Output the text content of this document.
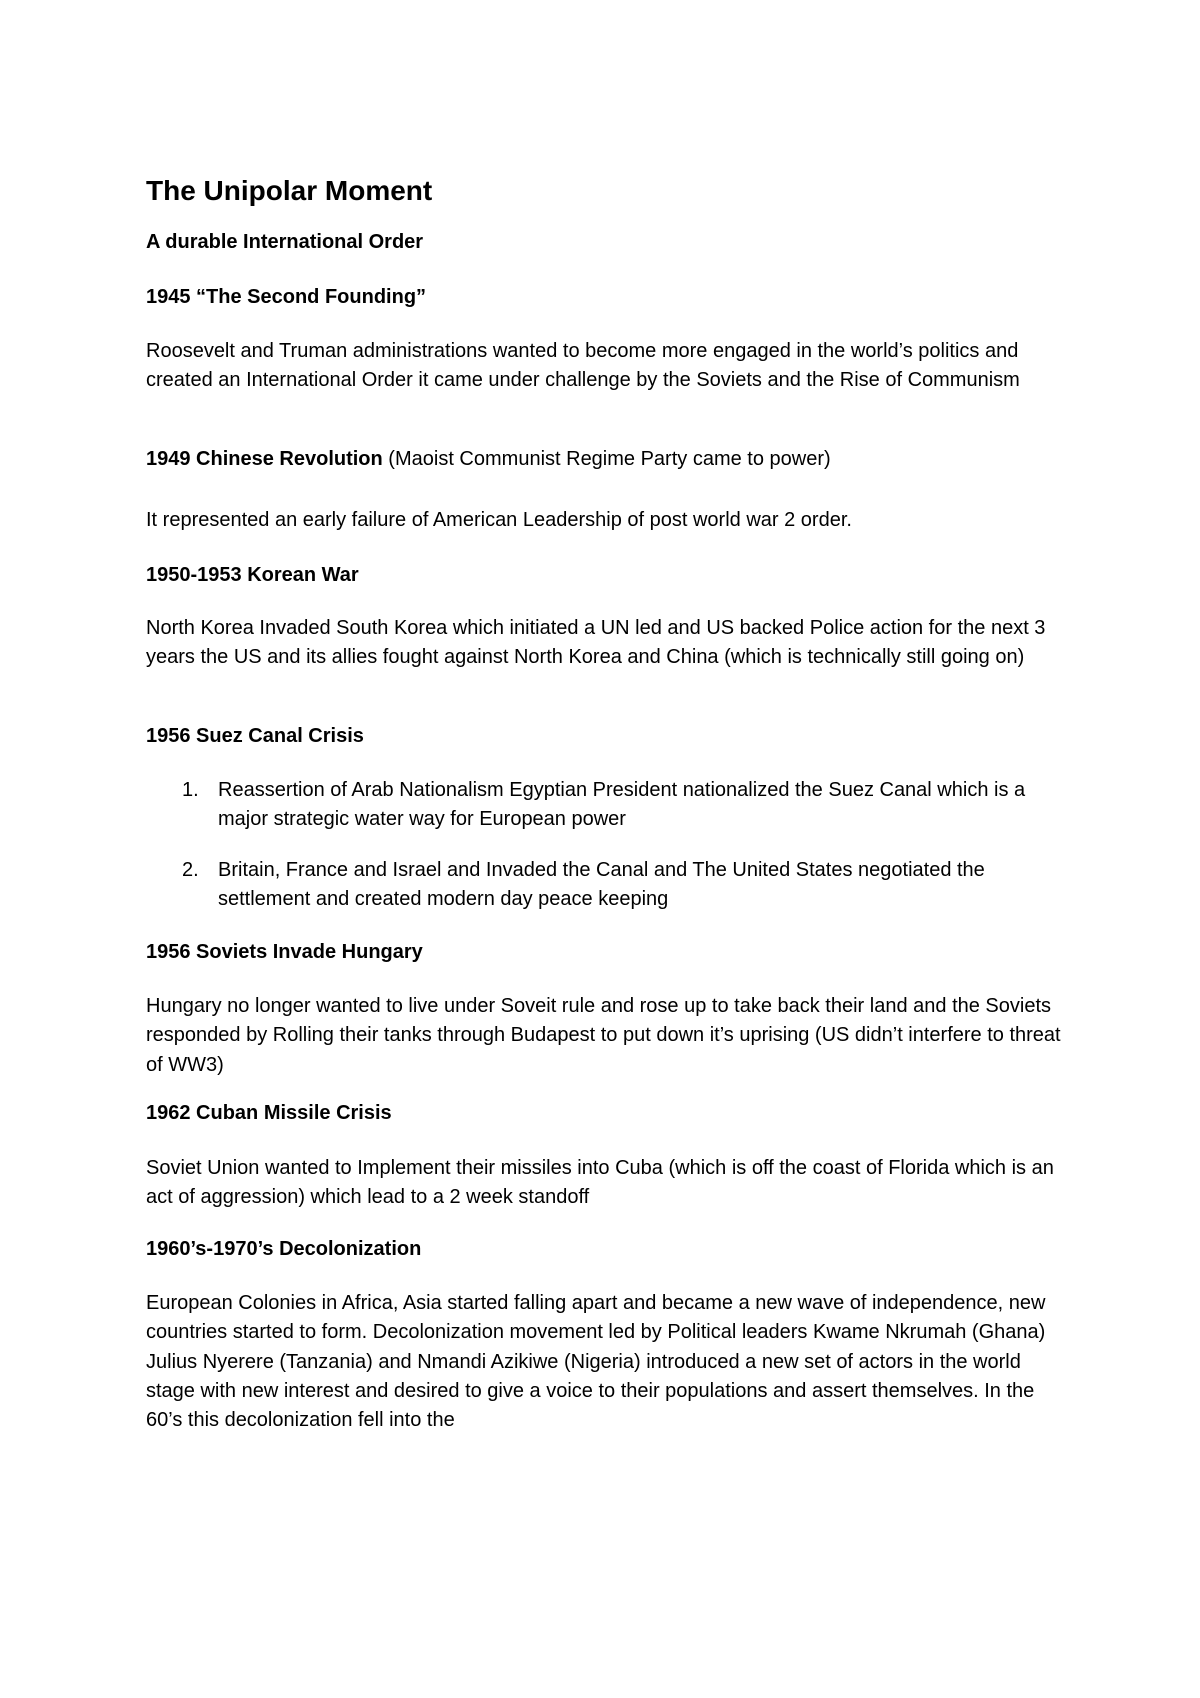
The Unipolar Moment
A durable International Order
1945 “The Second Founding”
Roosevelt and Truman administrations wanted to become more engaged in the world’s politics and created an International Order it came under challenge by the Soviets and the Rise of Communism
1949 Chinese Revolution (Maoist Communist Regime Party came to power)
It represented an early failure of American Leadership of post world war 2 order.
1950-1953 Korean War
North Korea Invaded South Korea which initiated a UN led and US backed Police action for the next 3 years the US and its allies fought against North Korea and China (which is technically still going on)
1956 Suez Canal Crisis
1. Reassertion of Arab Nationalism Egyptian President nationalized the Suez Canal which is a major strategic water way for European power
2. Britain, France and Israel and Invaded the Canal and The United States negotiated the settlement and created modern day peace keeping
1956 Soviets Invade Hungary
Hungary no longer wanted to live under Soveit rule and rose up to take back their land and the Soviets responded by Rolling their tanks through Budapest to put down it’s uprising (US didn’t interfere to threat of WW3)
1962 Cuban Missile Crisis
Soviet Union wanted to Implement their missiles into Cuba (which is off the coast of Florida which is an act of aggression) which lead to a 2 week standoff
1960’s-1970’s Decolonization
European Colonies in Africa, Asia started falling apart and became a new wave of independence, new countries started to form. Decolonization movement led by Political leaders Kwame Nkrumah (Ghana) Julius Nyerere (Tanzania) and Nmandi Azikiwe (Nigeria) introduced a new set of actors in the world stage with new interest and desired to give a voice to their populations and assert themselves. In the 60’s this decolonization fell into the
